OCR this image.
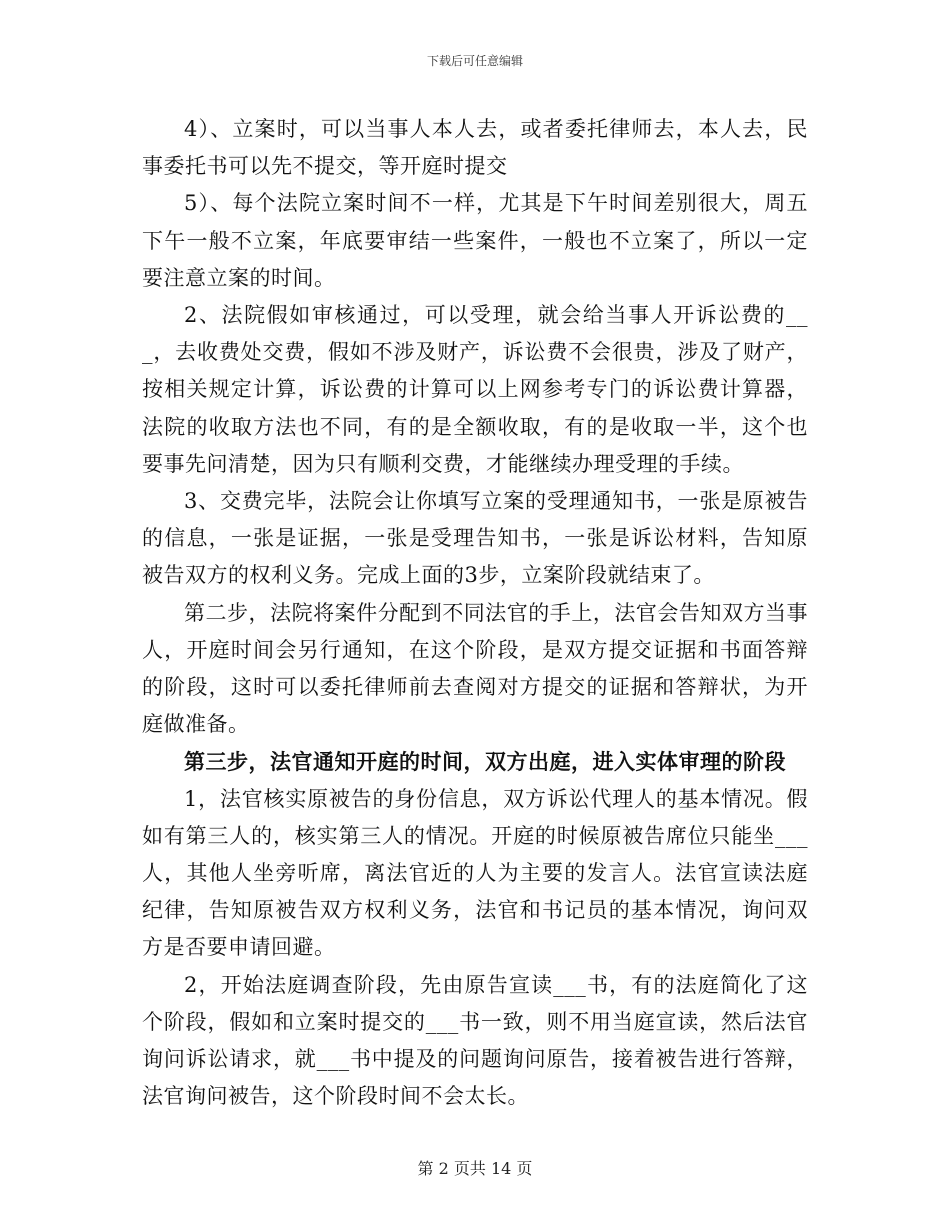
下载后可任意编辑

4）、立案时，可以当事人本人去，或者委托律师去，本人去，民事委托书可以先不提交，等开庭时提交

5）、每个法院立案时间不一样，尤其是下午时间差别很大，周五下午一般不立案，年底要审结一些案件，一般也不立案了，所以一定要注意立案的时间。

2、法院假如审核通过，可以受理，就会给当事人开诉讼费的___，去收费处交费，假如不涉及财产，诉讼费不会很贵，涉及了财产，按相关规定计算，诉讼费的计算可以上网参考专门的诉讼费计算器，法院的收取方法也不同，有的是全额收取，有的是收取一半，这个也要事先问清楚，因为只有顺利交费，才能继续办理受理的手续。

3、交费完毕，法院会让你填写立案的受理通知书，一张是原被告的信息，一张是证据，一张是受理告知书，一张是诉讼材料，告知原被告双方的权利义务。完成上面的3步，立案阶段就结束了。

第二步，法院将案件分配到不同法官的手上，法官会告知双方当事人，开庭时间会另行通知，在这个阶段，是双方提交证据和书面答辩的阶段，这时可以委托律师前去查阅对方提交的证据和答辩状，为开庭做准备。

第三步，法官通知开庭的时间，双方出庭，进入实体审理的阶段

1，法官核实原被告的身份信息，双方诉讼代理人的基本情况。假如有第三人的，核实第三人的情况。开庭的时候原被告席位只能坐___人，其他人坐旁听席，离法官近的人为主要的发言人。法官宣读法庭纪律，告知原被告双方权利义务，法官和书记员的基本情况，询问双方是否要申请回避。

2，开始法庭调查阶段，先由原告宣读___书，有的法庭简化了这个阶段，假如和立案时提交的___书一致，则不用当庭宣读，然后法官询问诉讼请求，就___书中提及的问题询问原告，接着被告进行答辩，法官询问被告，这个阶段时间不会太长。

第 2 页共 14 页
